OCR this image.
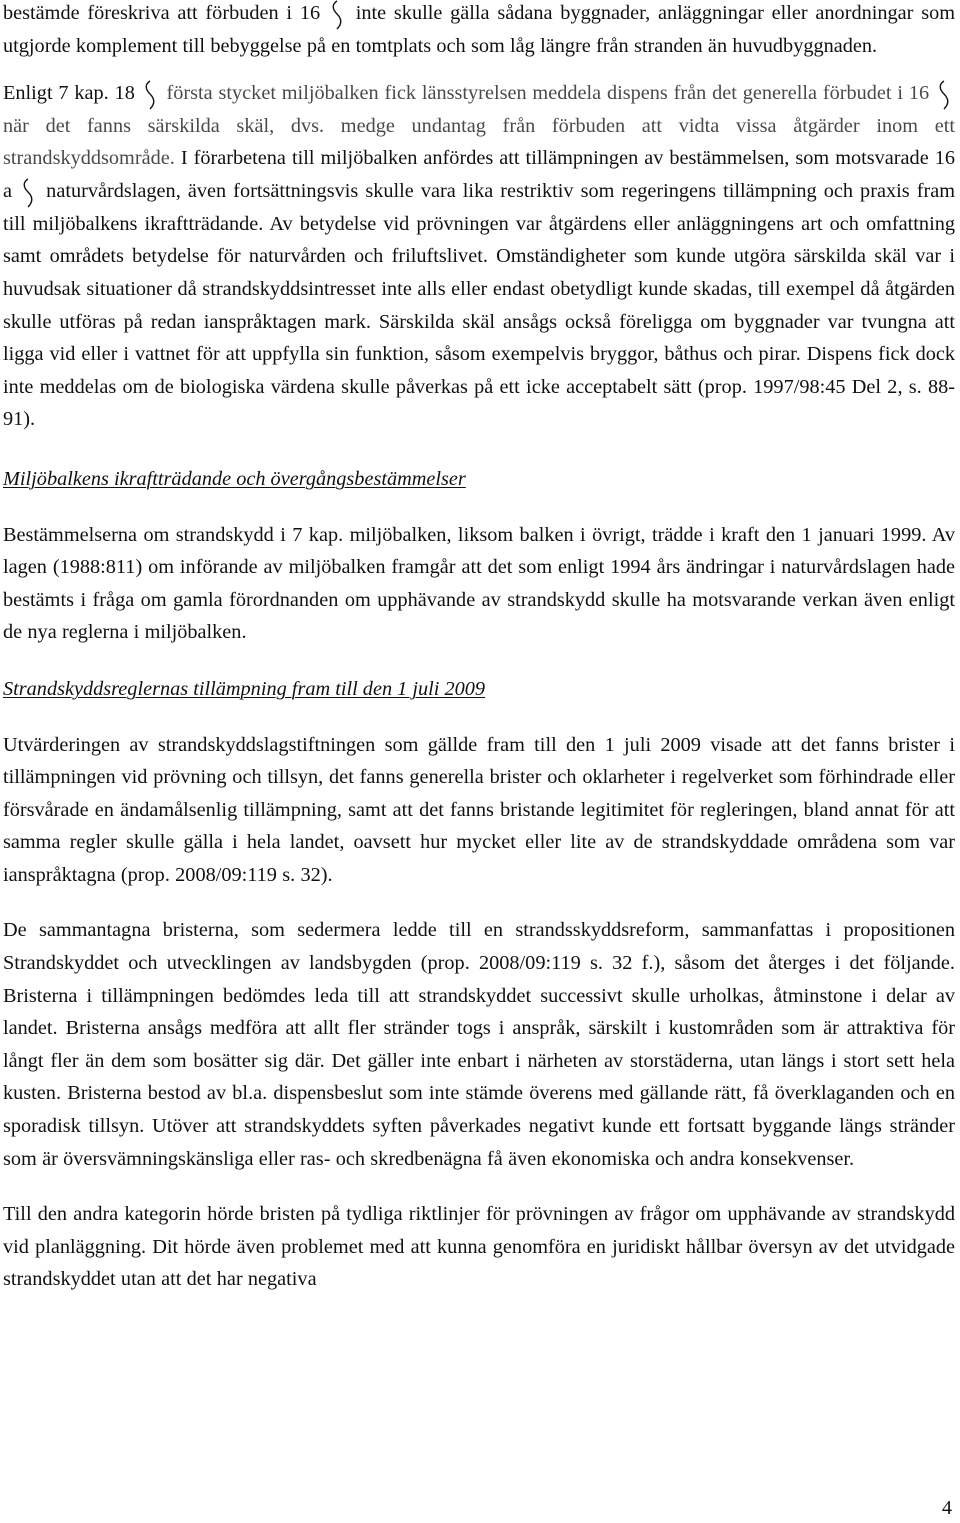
bestämde föreskriva att förbuden i 16 inte skulle gälla sådana byggnader, anläggningar eller anordningar som utgjorde komplement till bebyggelse på en tomtplats och som låg längre från stranden än huvudbyggnaden.

Enligt 7 kap. 18 första stycket miljöbalken fick länsstyrelsen meddela dispens från det generella förbudet i 16
när det fanns särskilda skäl, dvs. medge undantag från förbuden att vidta vissa åtgärder inom ett strandskyddsområde. I förarbetena till miljöbalken anfördes att tillämpningen av bestämmelsen, som motsvarade 16 a naturvårdslagen, även fortsättningsvis skulle vara lika restriktiv som regeringens tillämpning och praxis fram till miljöbalkens ikraftträdande. Av betydelse vid prövningen var åtgärdens eller anläggningens art och omfattning samt områdets betydelse för naturvården och friluftslivet. Omständigheter som kunde utgöra särskilda skäl var i huvudsak situationer då strandskyddsintresset inte alls eller endast obetydligt kunde skadas, till exempel då åtgärden skulle utföras på redan ianspråktagen mark. Särskilda skäl ansågs också föreligga om byggnader var tvungna att ligga vid eller i vattnet för att uppfylla sin funktion, såsom exempelvis bryggor, båthus och pirar. Dispens fick dock inte meddelas om de biologiska värdena skulle påverkas på ett icke acceptabelt sätt (prop. 1997/98:45 Del 2, s. 88-91).

Miljöbalkens ikraftträdande och övergångsbestämmelser

Bestämmelserna om strandskydd i 7 kap. miljöbalken, liksom balken i övrigt, trädde i kraft den 1 januari 1999. Av lagen (1988:811) om införande av miljöbalken framgår att det som enligt 1994 års ändringar i naturvårdslagen hade bestämts i fråga om gamla förordnanden om upphävande av strandskydd skulle ha motsvarande verkan även enligt de nya reglerna i miljöbalken.

Strandskyddsreglernas tillämpning fram till den 1 juli 2009

Utvärderingen av strandskyddslagstiftningen som gällde fram till den 1 juli 2009 visade att det fanns brister i tillämpningen vid prövning och tillsyn, det fanns generella brister och oklarheter i regelverket som förhindrade eller försvårade en ändamålsenlig tillämpning, samt att det fanns bristande legitimitet för regleringen, bland annat för att samma regler skulle gälla i hela landet, oavsett hur mycket eller lite av de strandskyddade områdena som var ianspråktagna (prop. 2008/09:119 s. 32).

De sammantagna bristerna, som sedermera ledde till en strandsskyddsreform, sammanfattas i propositionen Strandskyddet och utvecklingen av landsbygden (prop. 2008/09:119 s. 32 f.), såsom det återges i det följande. Bristerna i tillämpningen bedömdes leda till att strandskyddet successivt skulle urholkas, åtminstone i delar av landet. Bristerna ansågs medföra att allt fler stränder togs i anspråk, särskilt i kustområden som är attraktiva för långt fler än dem som bosätter sig där. Det gäller inte enbart i närheten av storstäderna, utan längs i stort sett hela kusten. Bristerna bestod av bl.a. dispensbeslut som inte stämde överens med gällande rätt, få överklaganden och en sporadisk tillsyn. Utöver att strandskyddets syften påverkades negativt kunde ett fortsatt byggande längs stränder som är översvämningskänsliga eller ras- och skredbenägna få även ekonomiska och andra konsekvenser.

Till den andra kategorin hörde bristen på tydliga riktlinjer för prövningen av frågor om upphävande av strandskydd vid planläggning. Dit hörde även problemet med att kunna genomföra en juridiskt hållbar översyn av det utvidgade strandskyddet utan att det har negativa

4
